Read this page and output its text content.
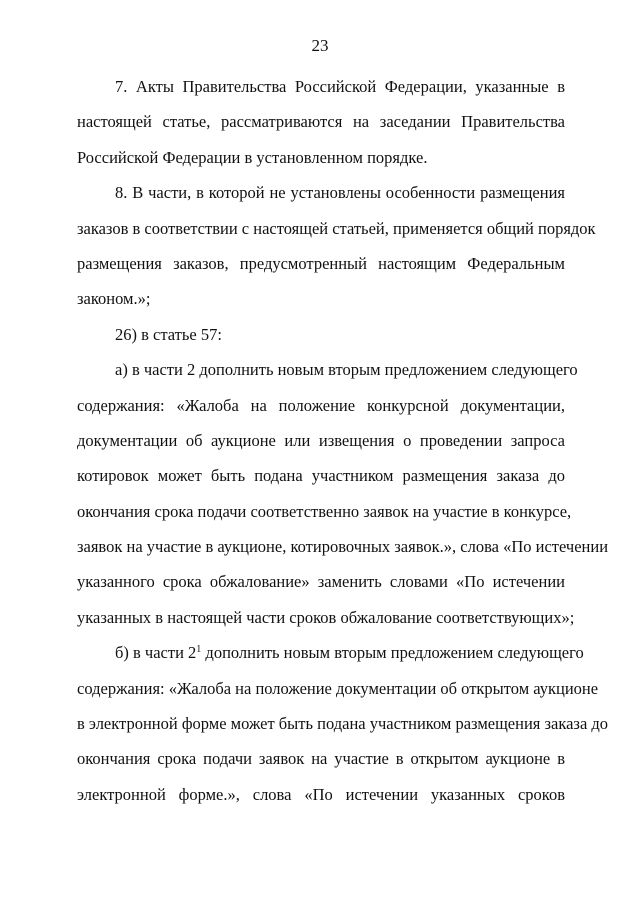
23
7. Акты Правительства Российской Федерации, указанные в
настоящей статье, рассматриваются на заседании Правительства
Российской Федерации в установленном порядке.
8. В части, в которой не установлены особенности размещения
заказов в соответствии с настоящей статьей, применяется общий порядок
размещения заказов, предусмотренный настоящим Федеральным
законом.»;
26) в статье 57:
а) в части 2 дополнить новым вторым предложением следующего
содержания: «Жалоба на положение конкурсной документации,
документации об аукционе или извещения о проведении запроса
котировок может быть подана участником размещения заказа до
окончания срока подачи соответственно заявок на участие в конкурсе,
заявок на участие в аукционе, котировочных заявок.», слова «По истечении
указанного срока обжалование» заменить словами «По истечении
указанных в настоящей части сроков обжалование соответствующих»;
б) в части $2^1$ дополнить новым вторым предложением следующего
содержания: «Жалоба на положение документации об открытом аукционе
в электронной форме может быть подана участником размещения заказа до
окончания срока подачи заявок на участие в открытом аукционе в
электронной форме.», слова «По истечении указанных сроков
